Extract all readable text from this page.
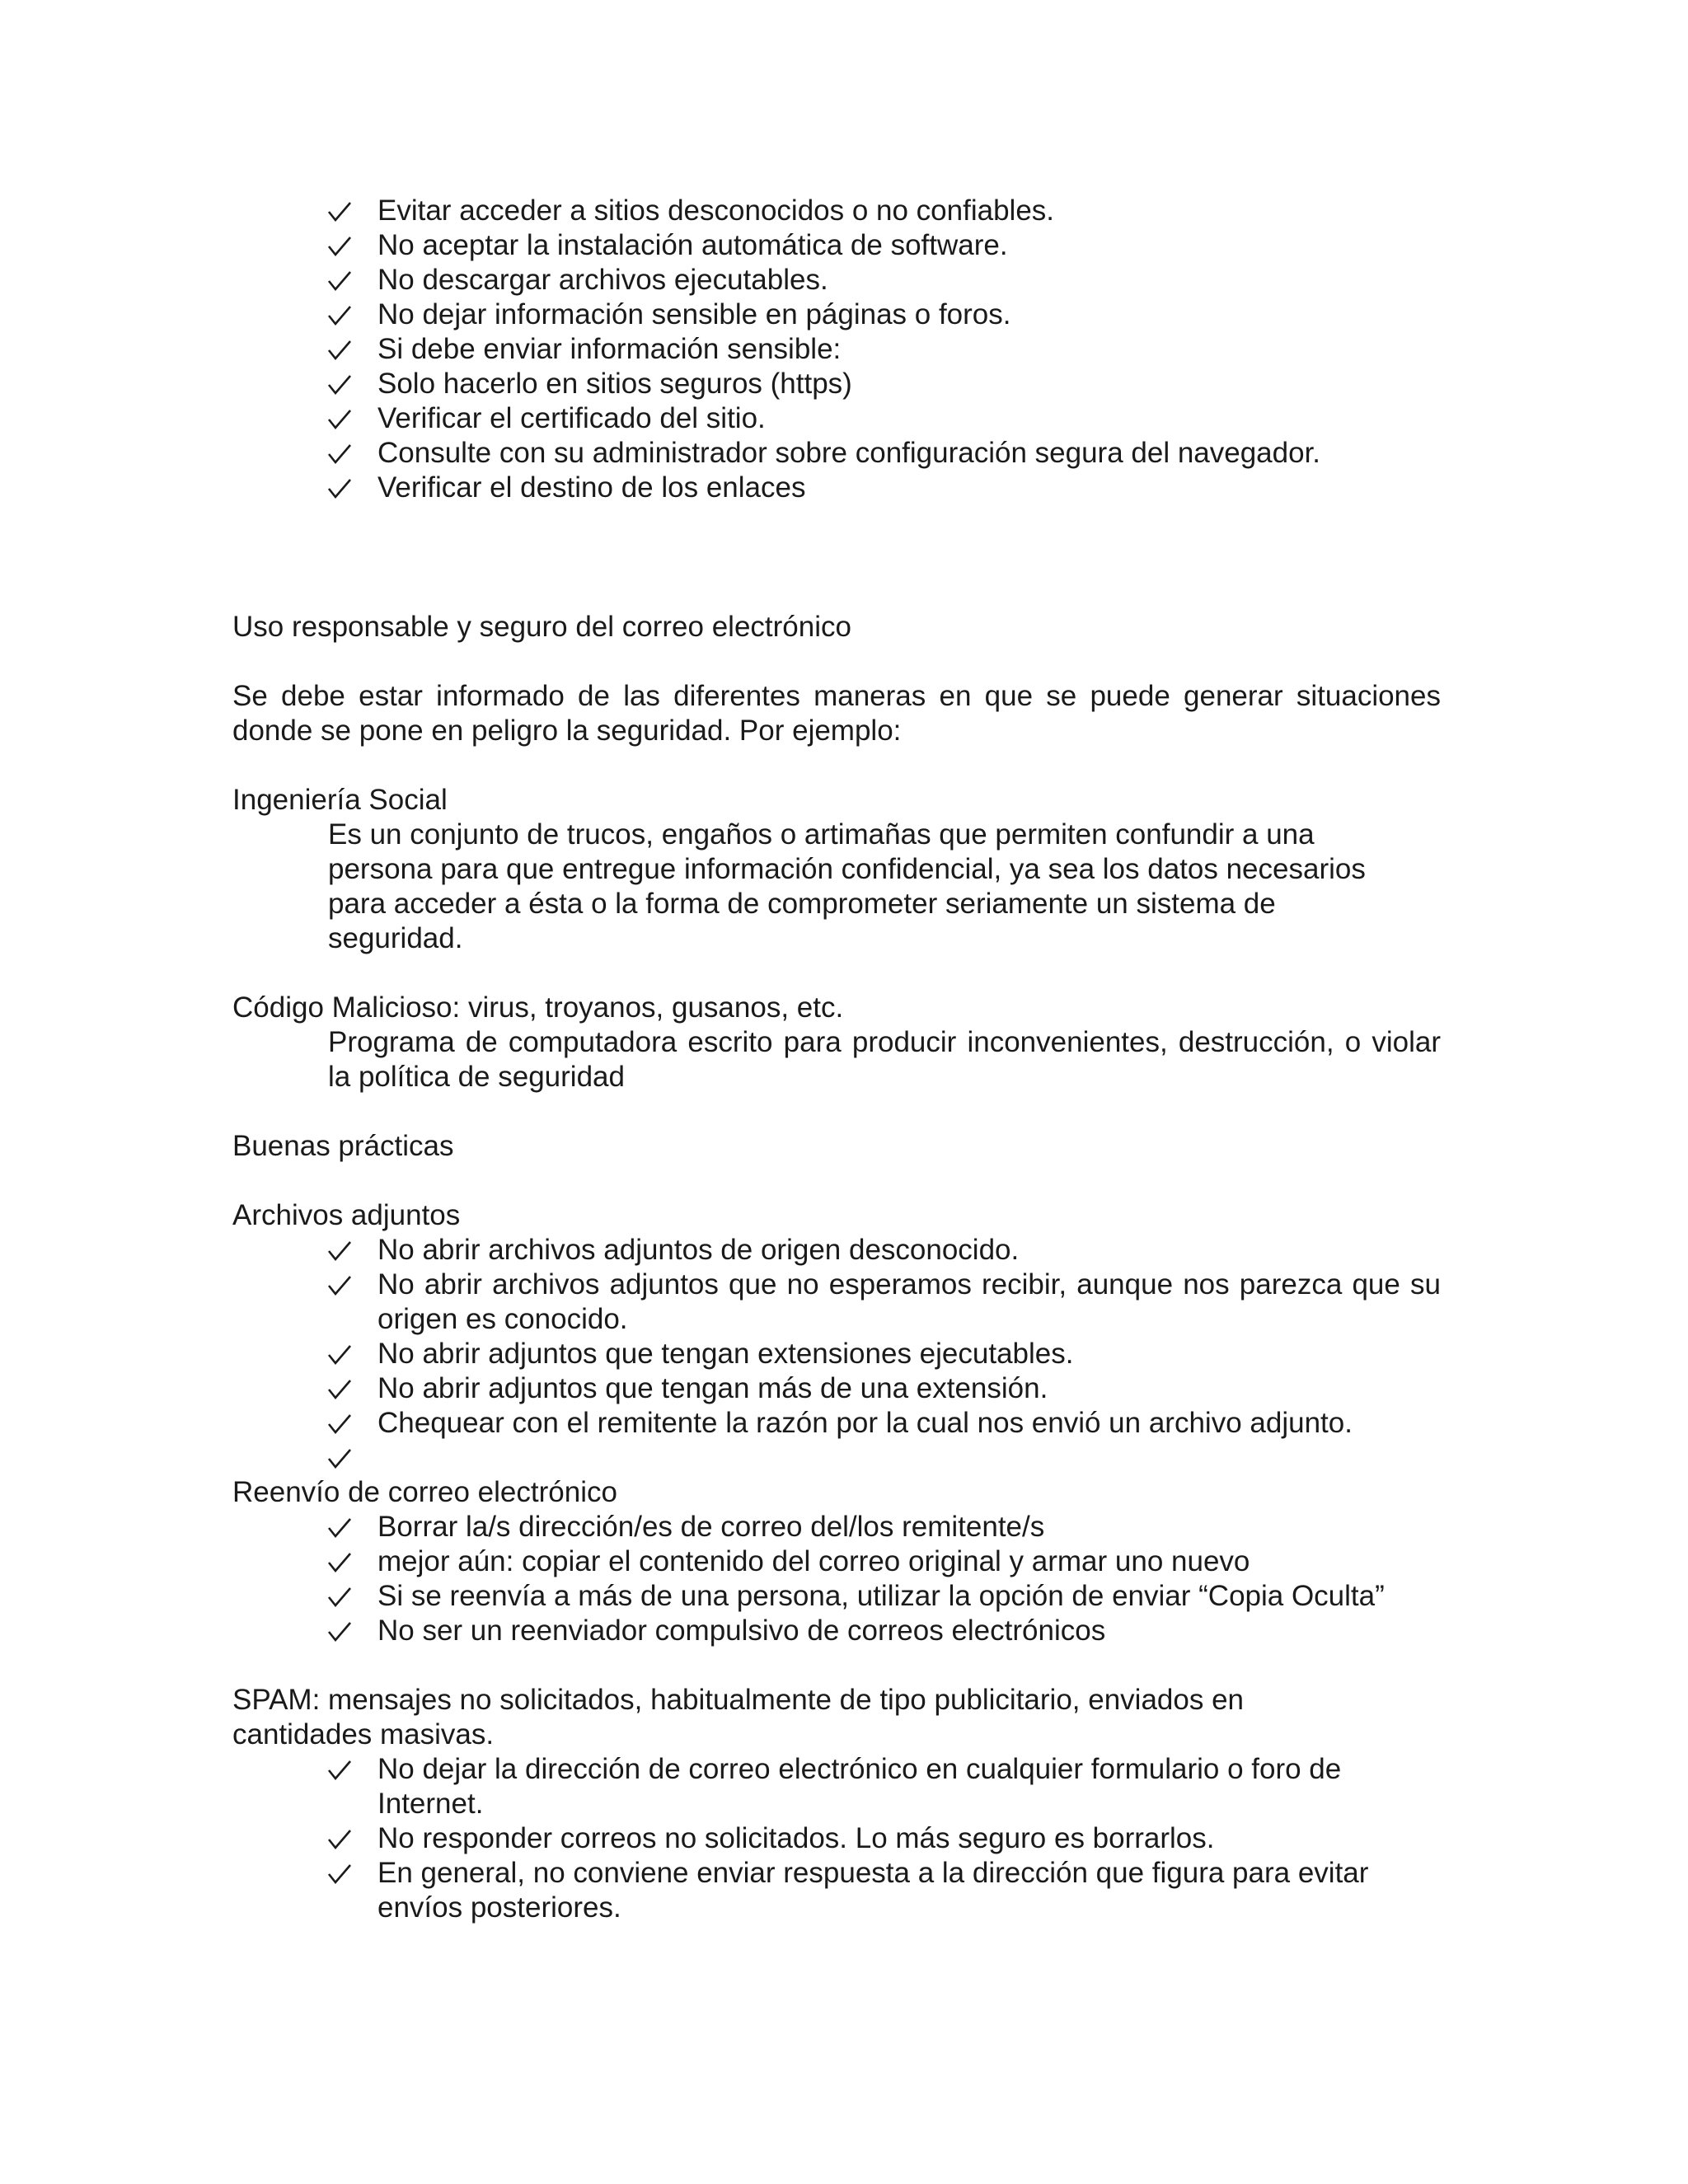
Evitar acceder a sitios desconocidos o no confiables.
No aceptar la instalación automática de software.
No descargar archivos ejecutables.
No dejar información sensible en páginas o foros.
Si debe enviar información sensible:
Solo hacerlo en sitios seguros (https)
Verificar el certificado del sitio.
Consulte con su administrador sobre configuración segura del navegador.
Verificar el destino de los enlaces
Uso responsable y seguro del correo electrónico

Se debe estar informado de las diferentes maneras en que se puede generar situaciones donde se pone en peligro la seguridad. Por ejemplo:

Ingeniería Social

Es un conjunto de trucos, engaños o artimañas que permiten confundir a una persona para que entregue información confidencial, ya sea los datos necesarios para acceder a ésta o la forma de comprometer seriamente un sistema de seguridad.

Código Malicioso: virus, troyanos, gusanos, etc.

Programa de computadora escrito para producir inconvenientes, destrucción, o violar la política de seguridad

Buenas prácticas
Archivos adjuntos
No abrir archivos adjuntos de origen desconocido.
No abrir archivos adjuntos que no esperamos recibir, aunque nos parezca que su origen es conocido.
No abrir adjuntos que tengan extensiones ejecutables.
No abrir adjuntos que tengan más de una extensión.
Chequear con el remitente la razón por la cual nos envió un archivo adjunto.
Reenvío de correo electrónico
Borrar la/s dirección/es de correo del/los remitente/s
mejor aún: copiar el contenido del correo original y armar uno nuevo
Si se reenvía a más de una persona, utilizar la opción de enviar “Copia Oculta”
No ser un reenviador compulsivo de correos electrónicos

SPAM: mensajes no solicitados, habitualmente de tipo publicitario, enviados en cantidades masivas.

No dejar la dirección de correo electrónico en cualquier formulario o foro de Internet.
No responder correos no solicitados. Lo más seguro es borrarlos.
En general, no conviene enviar respuesta a la dirección que figura para evitar envíos posteriores.
